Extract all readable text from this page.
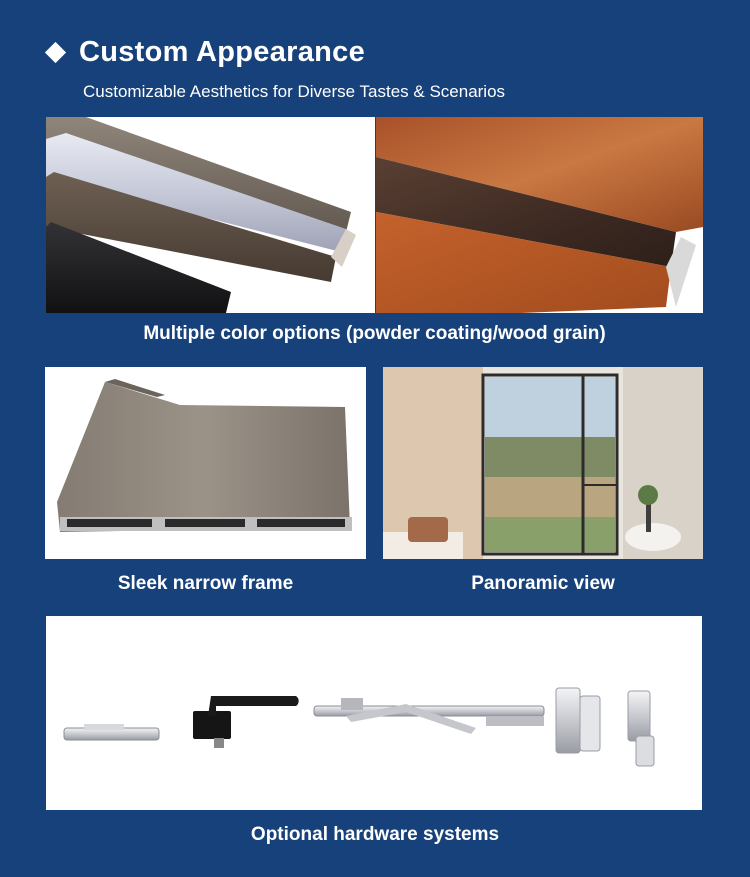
Custom Appearance
Customizable Aesthetics for Diverse Tastes & Scenarios
Multiple color options (powder coating/wood grain)
Sleek narrow frame	Panoramic view
Optional hardware systems
